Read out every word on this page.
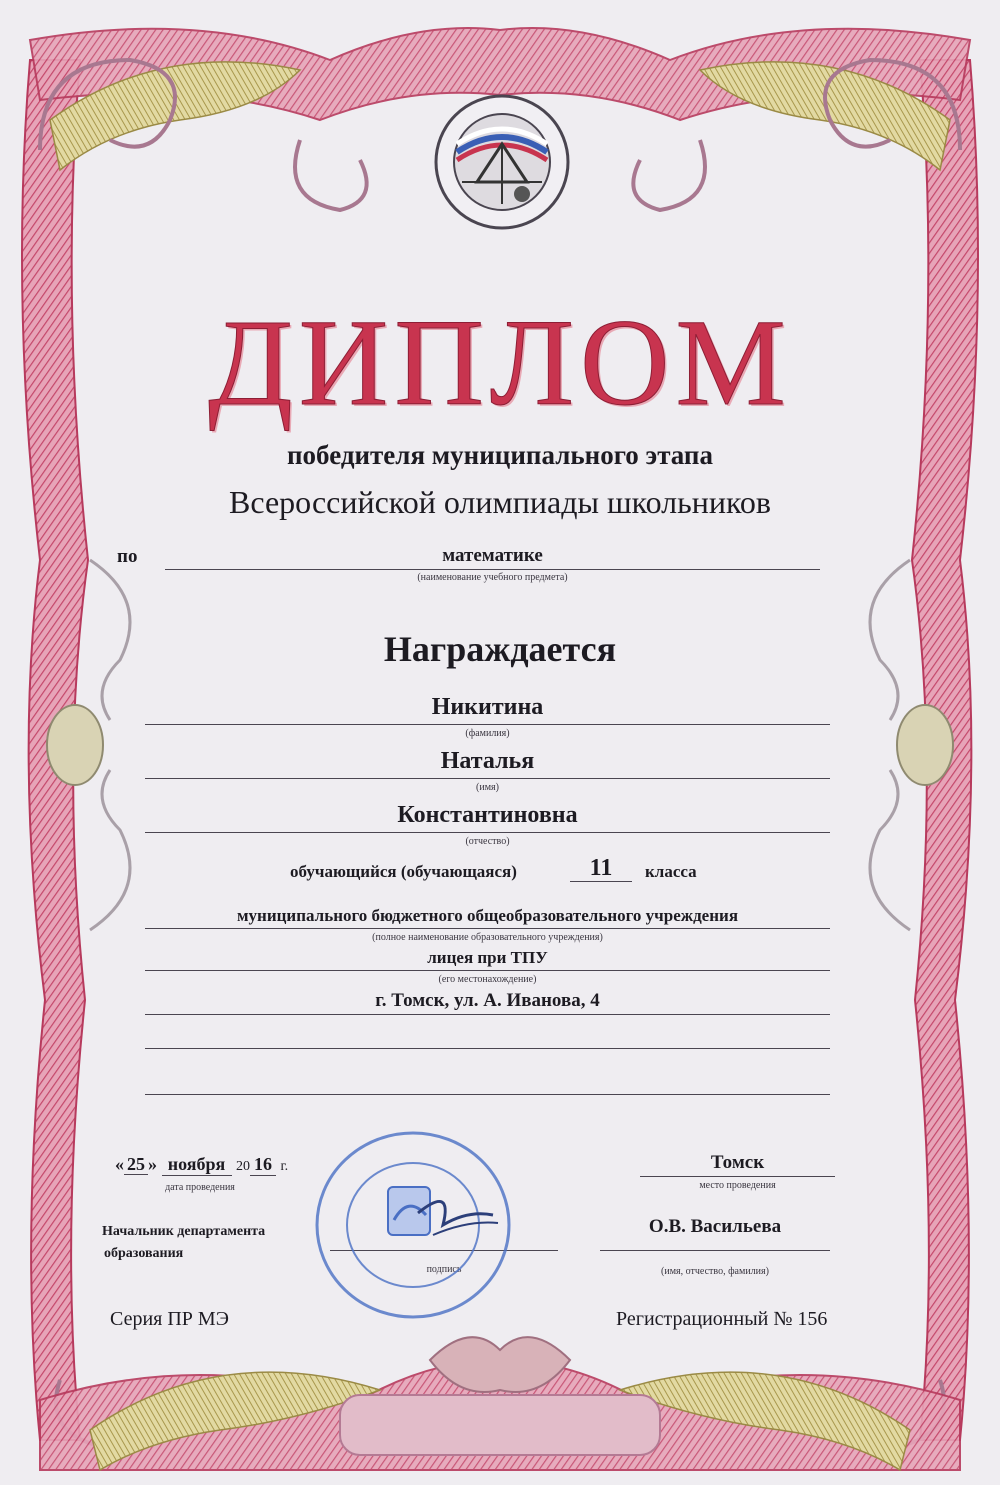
ДИПЛОМ
победителя муниципального этапа
Всероссийской олимпиады школьников
по	математике
(наименование учебного предмета)
Награждается
Никитина
(фамилия)
Наталья
(имя)
Константиновна
(отчество)
обучающийся (обучающаяся)	11	класса
муниципального бюджетного общеобразовательного учреждения
(полное наименование образовательного учреждения)
лицея при ТПУ
(его местонахождение)
г. Томск, ул. А. Иванова, 4
« 25 » ноября 20 16 г.
дата проведения
Томск
место проведения
Начальник департамента
образования
подпись
О.В. Васильева
(имя, отчество, фамилия)
Серия ПР МЭ	Регистрационный № 156
